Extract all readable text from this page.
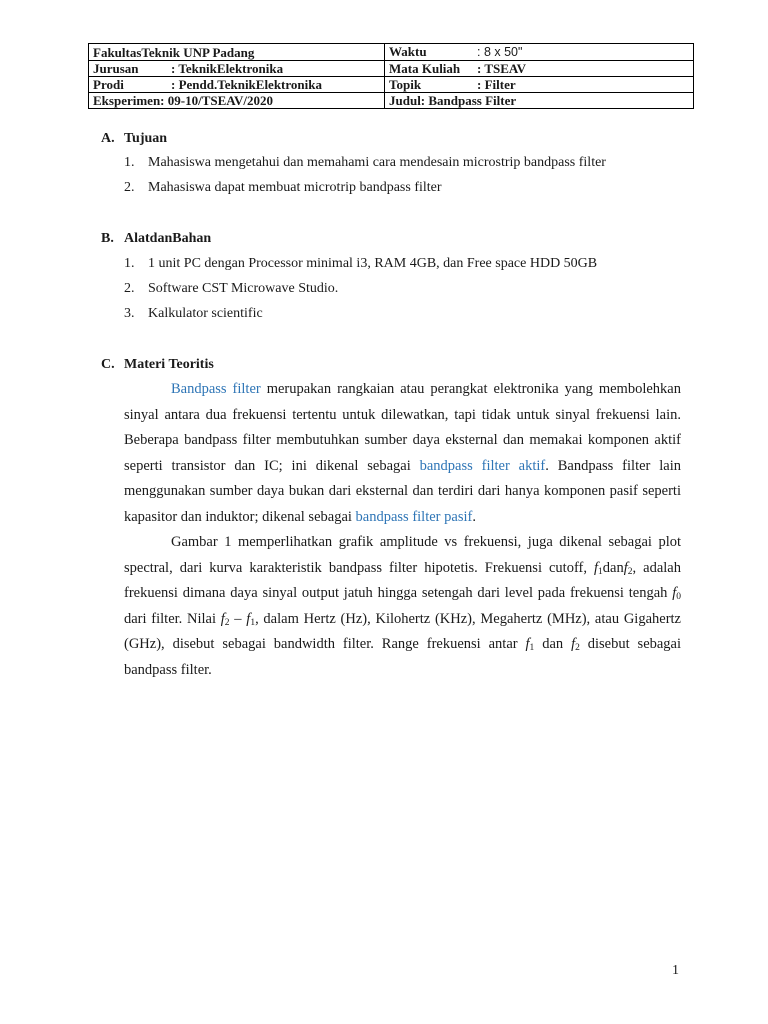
FakultasTeknik UNP Padang	Waktu : 8 x 50"
Jurusan : TeknikElektronika	Mata Kuliah : TSEAV
Prodi : Pendd.TeknikElektronika	Topik : Filter
Eksperimen: 09-10/TSEAV/2020	Judul: Bandpass Filter
A. Tujuan
1. Mahasiswa mengetahui dan memahami cara mendesain microstrip bandpass filter
2. Mahasiswa dapat membuat microtrip bandpass filter
B. AlatdanBahan
1. 1 unit PC dengan Processor minimal i3, RAM 4GB, dan Free space HDD 50GB
2. Software CST Microwave Studio.
3. Kalkulator scientific
C. Materi Teoritis

Bandpass filter merupakan rangkaian atau perangkat elektronika yang membolehkan sinyal antara dua frekuensi tertentu untuk dilewatkan, tapi tidak untuk sinyal frekuensi lain. Beberapa bandpass filter membutuhkan sumber daya eksternal dan memakai komponen aktif seperti transistor dan IC; ini dikenal sebagai bandpass filter aktif. Bandpass filter lain menggunakan sumber daya bukan dari eksternal dan terdiri dari hanya komponen pasif seperti kapasitor dan induktor; dikenal sebagai bandpass filter pasif.

Gambar 1 memperlihatkan grafik amplitude vs frekuensi, juga dikenal sebagai plot spectral, dari kurva karakteristik bandpass filter hipotetis. Frekuensi cutoff, $f_1danf_2$, adalah frekuensi dimana daya sinyal output jatuh hingga setengah dari level pada frekuensi tengah $f_0$ dari filter. Nilai $f_2 - f_1$, dalam Hertz (Hz), Kilohertz (KHz), Megahertz (MHz), atau Gigahertz (GHz), disebut sebagai bandwidth filter. Range frekuensi antar $f_1$ dan $f_2$ disebut sebagai bandpass filter.

1
